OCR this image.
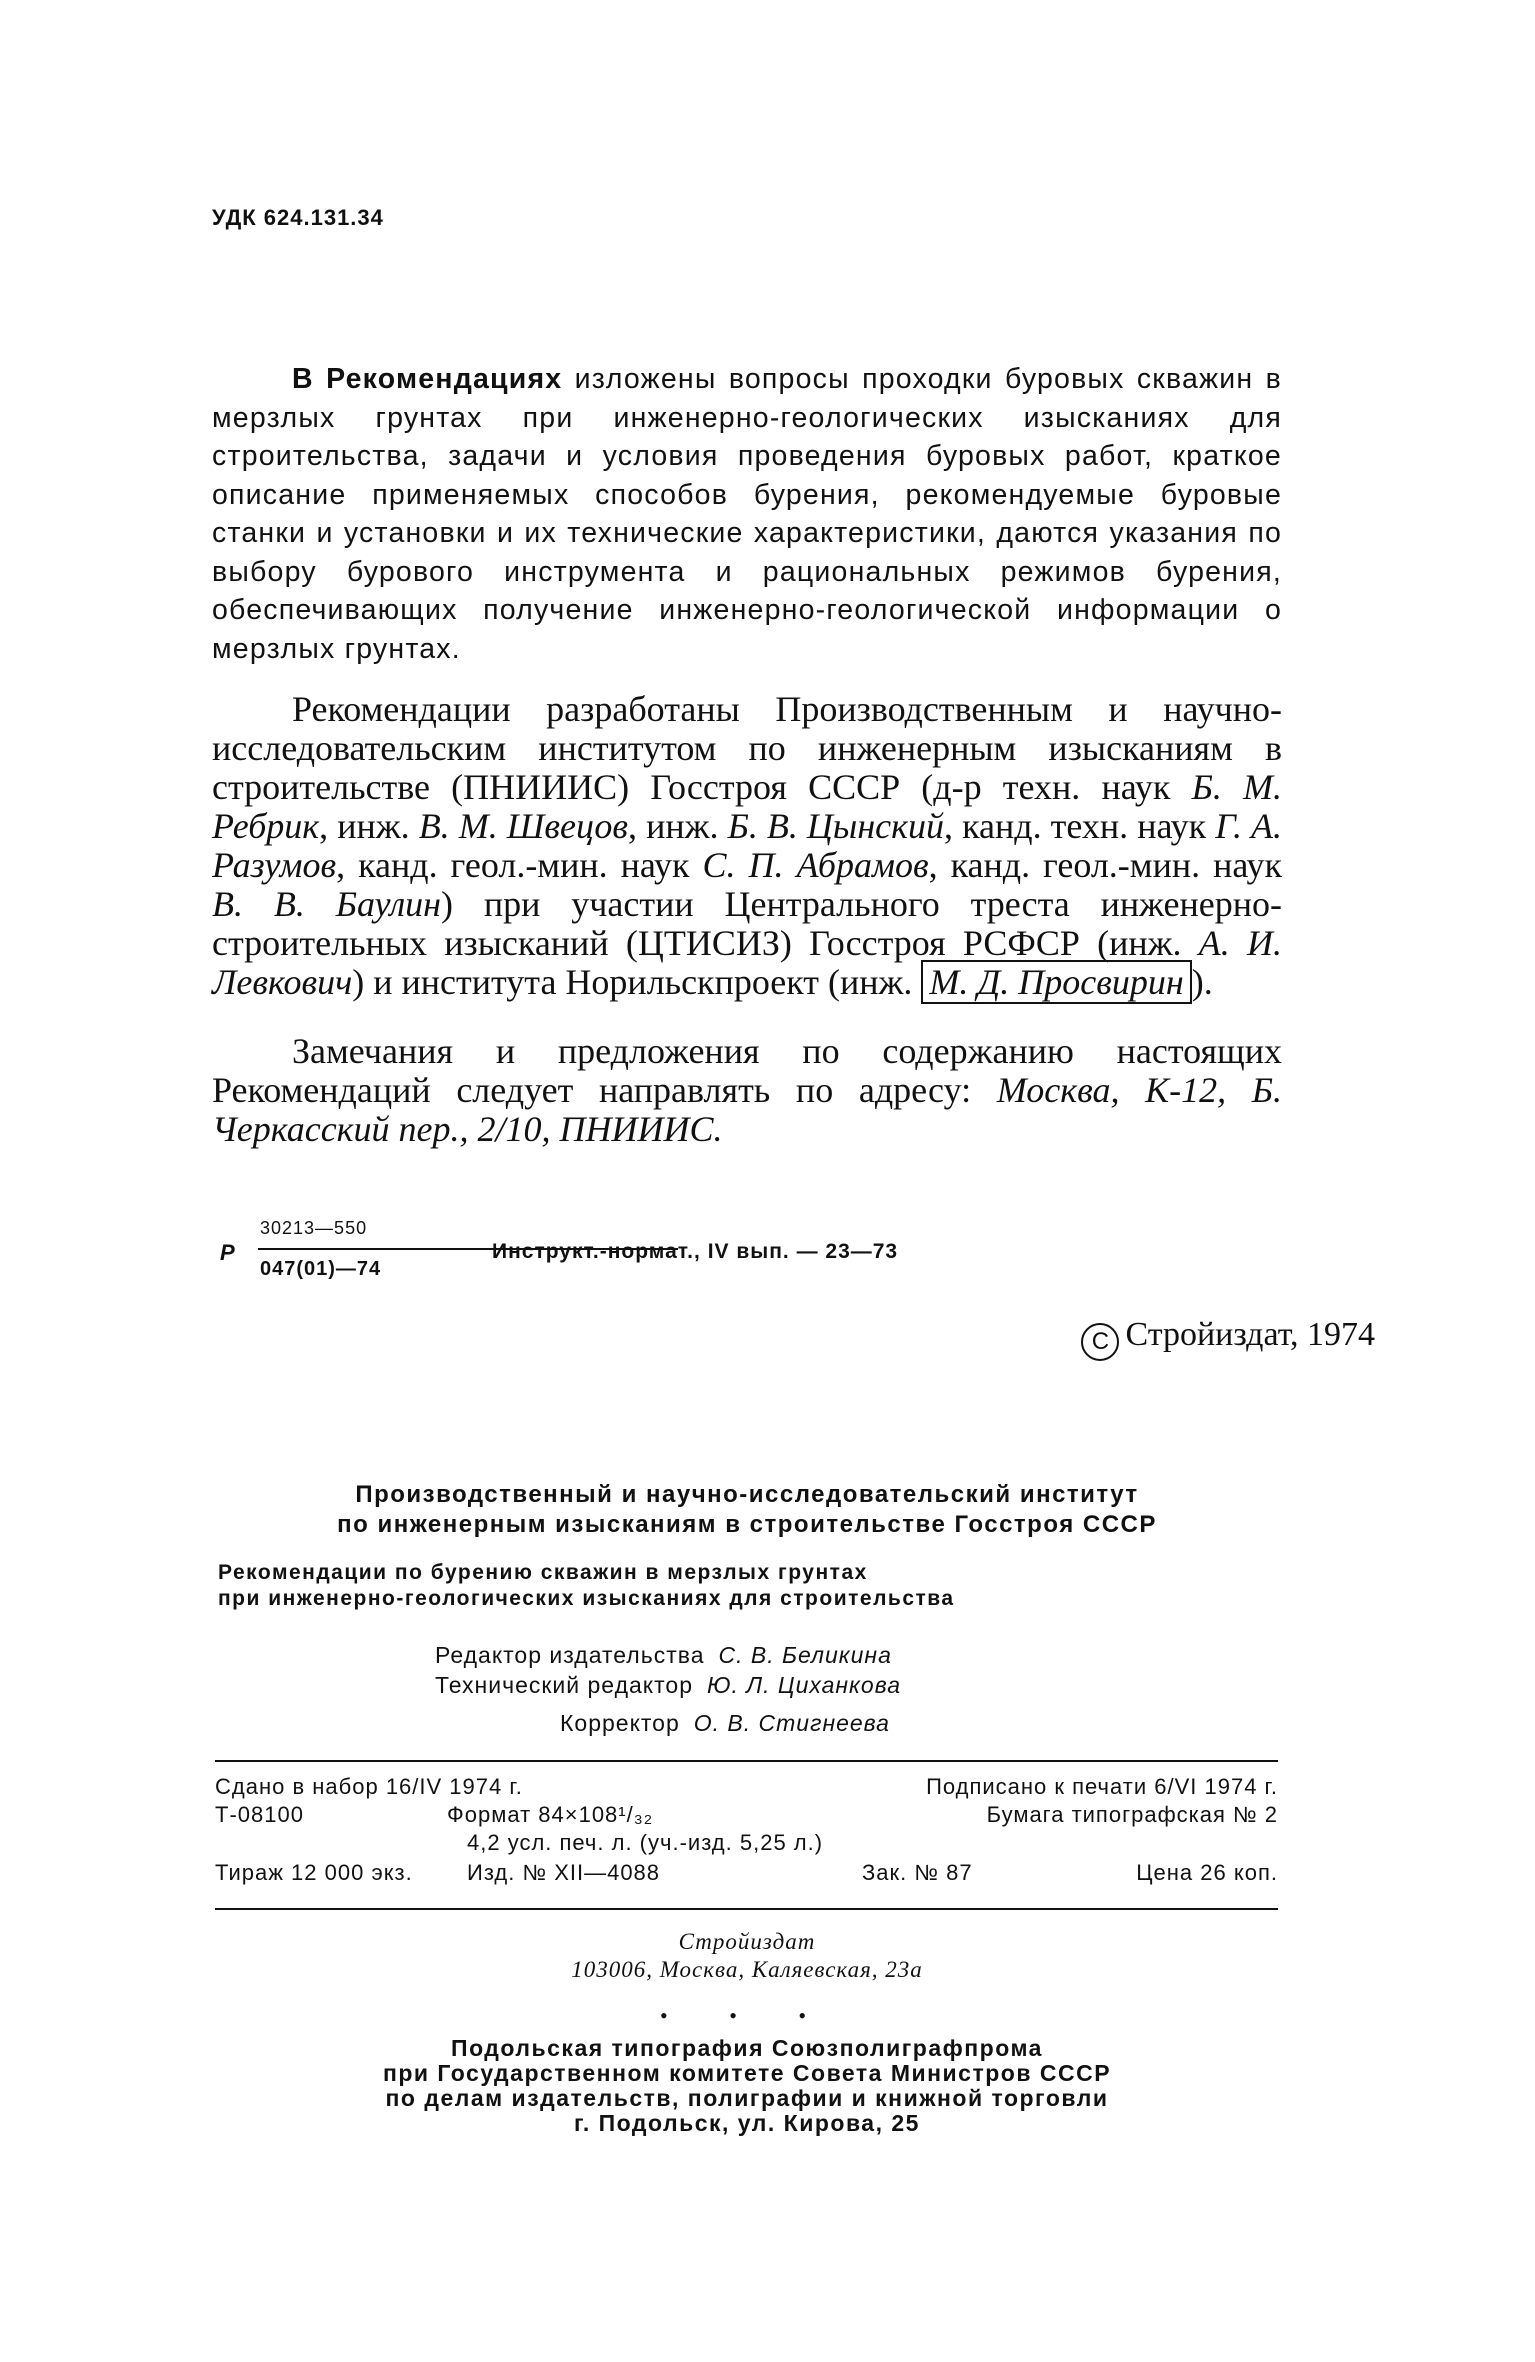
УДК 624.131.34

В Рекомендациях изложены вопросы проходки буровых скважин в мерзлых грунтах при инженерно-геологических изысканиях для строительства, задачи и условия проведения буровых работ, краткое описание применяемых способов бурения, рекомендуемые буровые станки и установки и их технические характеристики, даются указания по выбору бурового инструмента и рациональных режимов бурения, обеспечивающих получение инженерно-геологической информации о мерзлых грунтах.

Рекомендации разработаны Производственным и научно-исследовательским институтом по инженерным изысканиям в строительстве (ПНИИИС) Госстроя СССР (д-р техн. наук Б. М. Ребрик, инж. В. М. Швецов, инж. Б. В. Цынский, канд. техн. наук Г. А. Разумов, канд. геол.-мин. наук С. П. Абрамов, канд. геол.-мин. наук В. В. Баулин) при участии Центрального треста инженерно-строительных изысканий (ЦТИСИЗ) Госстроя РСФСР (инж. А. И. Левкович) и института Норильскпроект (инж. М. Д. Просвирин ).

Замечания и предложения по содержанию настоящих Рекомендаций следует направлять по адресу: Москва, К-12, Б. Черкасский пер., 2/10, ПНИИИС.

Р
30213—550
047(01)—74
Инструкт.-нормат., IV вып. — 23—73
C Стройиздат, 1974
Производственный и научно-исследовательский институт
по инженерным изысканиям в строительстве Госстроя СССР
Рекомендации по бурению скважин в мерзлых грунтах
при инженерно-геологических изысканиях для строительства
Редактор издательства С. В. Беликина
Технический редактор Ю. Л. Циханкова
Корректор О. В. Стигнеева
Сдано в набор 16/IV 1974 г.	Подписано к печати 6/VI 1974 г.
Т-08100	Формат 84×108¹/₃₂	Бумага типографская № 2
4,2 усл. печ. л. (уч.-изд. 5,25 л.)
Тираж 12 000 экз. Изд. № XII—4088	Зак. № 87	Цена 26 коп.
Стройиздат
103006, Москва, Каляевская, 23а
• • •
Подольская типография Союзполиграфпрома
при Государственном комитете Совета Министров СССР
по делам издательств, полиграфии и книжной торговли
г. Подольск, ул. Кирова, 25
